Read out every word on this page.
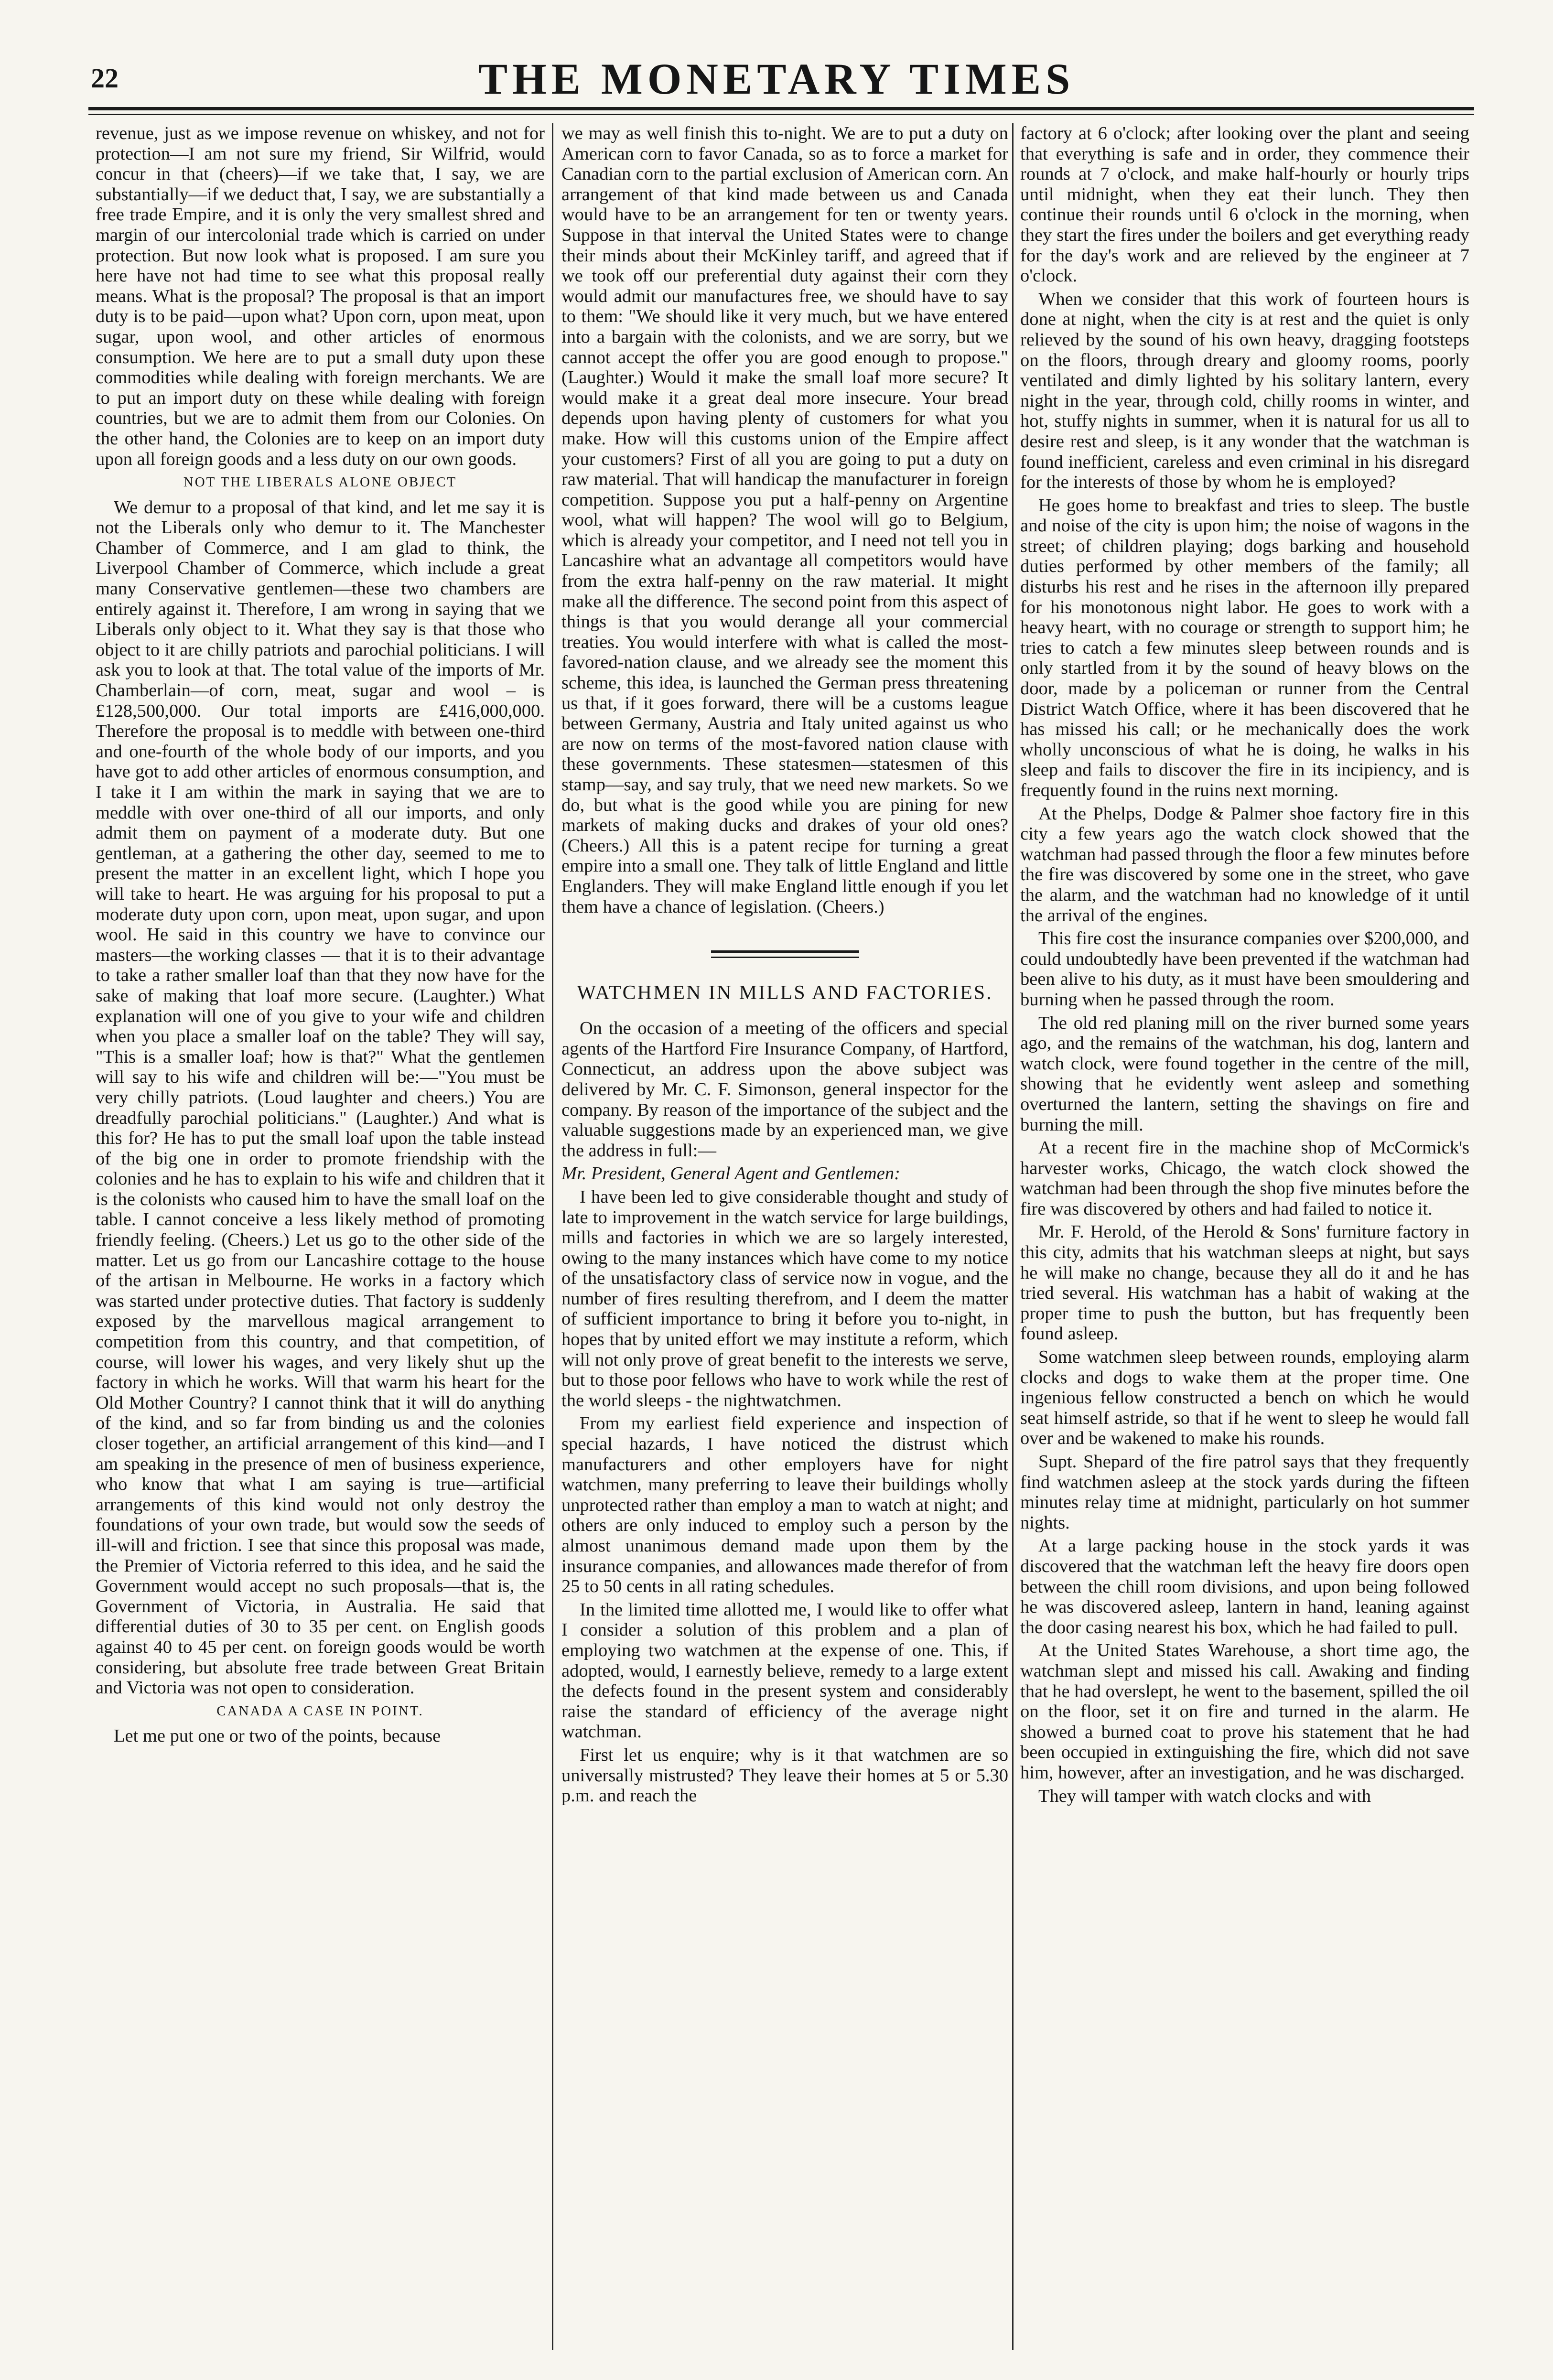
22	THE MONETARY TIMES

revenue, just as we impose revenue on whiskey, and not for protection—I am not sure my friend, Sir Wilfrid, would concur in that (cheers)—if we take that, I say, we are substantially—if we deduct that, I say, we are substantially a free trade Empire, and it is only the very smallest shred and margin of our intercolonial trade which is carried on under protection. But now look what is proposed. I am sure you here have not had time to see what this proposal really means. What is the proposal? The proposal is that an import duty is to be paid—upon what? Upon corn, upon meat, upon sugar, upon wool, and other articles of enormous consumption. We here are to put a small duty upon these commodities while dealing with foreign merchants. We are to put an import duty on these while dealing with foreign countries, but we are to admit them from our Colonies. On the other hand, the Colonies are to keep on an import duty upon all foreign goods and a less duty on our own goods.

NOT THE LIBERALS ALONE OBJECT

We demur to a proposal of that kind, and let me say it is not the Liberals only who demur to it. The Manchester Chamber of Commerce, and I am glad to think, the Liverpool Chamber of Commerce, which include a great many Conservative gentlemen—these two chambers are entirely against it. Therefore, I am wrong in saying that we Liberals only object to it. What they say is that those who object to it are chilly patriots and parochial politicians. I will ask you to look at that. The total value of the imports of Mr. Chamberlain—of corn, meat, sugar and wool – is £128,500,000. Our total imports are £416,000,000. Therefore the proposal is to meddle with between one-third and one-fourth of the whole body of our imports, and you have got to add other articles of enormous consumption, and I take it I am within the mark in saying that we are to meddle with over one-third of all our imports, and only admit them on payment of a moderate duty. But one gentleman, at a gathering the other day, seemed to me to present the matter in an excellent light, which I hope you will take to heart. He was arguing for his proposal to put a moderate duty upon corn, upon meat, upon sugar, and upon wool. He said in this country we have to convince our masters—the working classes — that it is to their advantage to take a rather smaller loaf than that they now have for the sake of making that loaf more secure. (Laughter.) What explanation will one of you give to your wife and children when you place a smaller loaf on the table? They will say, "This is a smaller loaf; how is that?" What the gentlemen will say to his wife and children will be:—"You must be very chilly patriots. (Loud laughter and cheers.) You are dreadfully parochial politicians." (Laughter.) And what is this for? He has to put the small loaf upon the table instead of the big one in order to promote friendship with the colonies and he has to explain to his wife and children that it is the colonists who caused him to have the small loaf on the table. I cannot conceive a less likely method of promoting friendly feeling. (Cheers.) Let us go to the other side of the matter. Let us go from our Lancashire cottage to the house of the artisan in Melbourne. He works in a factory which was started under protective duties. That factory is suddenly exposed by the marvellous magical arrangement to competition from this country, and that competition, of course, will lower his wages, and very likely shut up the factory in which he works. Will that warm his heart for the Old Mother Country? I cannot think that it will do anything of the kind, and so far from binding us and the colonies closer together, an artificial arrangement of this kind—and I am speaking in the presence of men of business experience, who know that what I am saying is true—artificial arrangements of this kind would not only destroy the foundations of your own trade, but would sow the seeds of ill-will and friction. I see that since this proposal was made, the Premier of Victoria referred to this idea, and he said the Government would accept no such proposals—that is, the Government of Victoria, in Australia. He said that differential duties of 30 to 35 per cent. on English goods against 40 to 45 per cent. on foreign goods would be worth considering, but absolute free trade between Great Britain and Victoria was not open to consideration.

CANADA A CASE IN POINT.

Let me put one or two of the points, because

we may as well finish this to-night. We are to put a duty on American corn to favor Canada, so as to force a market for Canadian corn to the partial exclusion of American corn. An arrangement of that kind made between us and Canada would have to be an arrangement for ten or twenty years. Suppose in that interval the United States were to change their minds about their McKinley tariff, and agreed that if we took off our preferential duty against their corn they would admit our manufactures free, we should have to say to them: "We should like it very much, but we have entered into a bargain with the colonists, and we are sorry, but we cannot accept the offer you are good enough to propose." (Laughter.) Would it make the small loaf more secure? It would make it a great deal more insecure. Your bread depends upon having plenty of customers for what you make. How will this customs union of the Empire affect your customers? First of all you are going to put a duty on raw material. That will handicap the manufacturer in foreign competition. Suppose you put a half-penny on Argentine wool, what will happen? The wool will go to Belgium, which is already your competitor, and I need not tell you in Lancashire what an advantage all competitors would have from the extra half-penny on the raw material. It might make all the difference. The second point from this aspect of things is that you would derange all your commercial treaties. You would interfere with what is called the most-favored-nation clause, and we already see the moment this scheme, this idea, is launched the German press threatening us that, if it goes forward, there will be a customs league between Germany, Austria and Italy united against us who are now on terms of the most-favored nation clause with these governments. These statesmen—statesmen of this stamp—say, and say truly, that we need new markets. So we do, but what is the good while you are pining for new markets of making ducks and drakes of your old ones? (Cheers.) All this is a patent recipe for turning a great empire into a small one. They talk of little England and little Englanders. They will make England little enough if you let them have a chance of legislation. (Cheers.)

WATCHMEN IN MILLS AND FACTORIES.

On the occasion of a meeting of the officers and special agents of the Hartford Fire Insurance Company, of Hartford, Connecticut, an address upon the above subject was delivered by Mr. C. F. Simonson, general inspector for the company. By reason of the importance of the subject and the valuable suggestions made by an experienced man, we give the address in full:—

Mr. President, General Agent and Gentlemen:

I have been led to give considerable thought and study of late to improvement in the watch service for large buildings, mills and factories in which we are so largely interested, owing to the many instances which have come to my notice of the unsatisfactory class of service now in vogue, and the number of fires resulting therefrom, and I deem the matter of sufficient importance to bring it before you to-night, in hopes that by united effort we may institute a reform, which will not only prove of great benefit to the interests we serve, but to those poor fellows who have to work while the rest of the world sleeps - the nightwatchmen.

From my earliest field experience and inspection of special hazards, I have noticed the distrust which manufacturers and other employers have for night watchmen, many preferring to leave their buildings wholly unprotected rather than employ a man to watch at night; and others are only induced to employ such a person by the almost unanimous demand made upon them by the insurance companies, and allowances made therefor of from 25 to 50 cents in all rating schedules.

In the limited time allotted me, I would like to offer what I consider a solution of this problem and a plan of employing two watchmen at the expense of one. This, if adopted, would, I earnestly believe, remedy to a large extent the defects found in the present system and considerably raise the standard of efficiency of the average night watchman.

First let us enquire; why is it that watchmen are so universally mistrusted? They leave their homes at 5 or 5.30 p.m. and reach the

factory at 6 o'clock; after looking over the plant and seeing that everything is safe and in order, they commence their rounds at 7 o'clock, and make half-hourly or hourly trips until midnight, when they eat their lunch. They then continue their rounds until 6 o'clock in the morning, when they start the fires under the boilers and get everything ready for the day's work and are relieved by the engineer at 7 o'clock.

When we consider that this work of fourteen hours is done at night, when the city is at rest and the quiet is only relieved by the sound of his own heavy, dragging footsteps on the floors, through dreary and gloomy rooms, poorly ventilated and dimly lighted by his solitary lantern, every night in the year, through cold, chilly rooms in winter, and hot, stuffy nights in summer, when it is natural for us all to desire rest and sleep, is it any wonder that the watchman is found inefficient, careless and even criminal in his disregard for the interests of those by whom he is employed?

He goes home to breakfast and tries to sleep. The bustle and noise of the city is upon him; the noise of wagons in the street; of children playing; dogs barking and household duties performed by other members of the family; all disturbs his rest and he rises in the afternoon illy prepared for his monotonous night labor. He goes to work with a heavy heart, with no courage or strength to support him; he tries to catch a few minutes sleep between rounds and is only startled from it by the sound of heavy blows on the door, made by a policeman or runner from the Central District Watch Office, where it has been discovered that he has missed his call; or he mechanically does the work wholly unconscious of what he is doing, he walks in his sleep and fails to discover the fire in its incipiency, and is frequently found in the ruins next morning.

At the Phelps, Dodge & Palmer shoe factory fire in this city a few years ago the watch clock showed that the watchman had passed through the floor a few minutes before the fire was discovered by some one in the street, who gave the alarm, and the watchman had no knowledge of it until the arrival of the engines.

This fire cost the insurance companies over $200,000, and could undoubtedly have been prevented if the watchman had been alive to his duty, as it must have been smouldering and burning when he passed through the room.

The old red planing mill on the river burned some years ago, and the remains of the watchman, his dog, lantern and watch clock, were found together in the centre of the mill, showing that he evidently went asleep and something overturned the lantern, setting the shavings on fire and burning the mill.

At a recent fire in the machine shop of McCormick's harvester works, Chicago, the watch clock showed the watchman had been through the shop five minutes before the fire was discovered by others and had failed to notice it.

Mr. F. Herold, of the Herold & Sons' furniture factory in this city, admits that his watchman sleeps at night, but says he will make no change, because they all do it and he has tried several. His watchman has a habit of waking at the proper time to push the button, but has frequently been found asleep.

Some watchmen sleep between rounds, employing alarm clocks and dogs to wake them at the proper time. One ingenious fellow constructed a bench on which he would seat himself astride, so that if he went to sleep he would fall over and be wakened to make his rounds.

Supt. Shepard of the fire patrol says that they frequently find watchmen asleep at the stock yards during the fifteen minutes relay time at midnight, particularly on hot summer nights.

At a large packing house in the stock yards it was discovered that the watchman left the heavy fire doors open between the chill room divisions, and upon being followed he was discovered asleep, lantern in hand, leaning against the door casing nearest his box, which he had failed to pull.

At the United States Warehouse, a short time ago, the watchman slept and missed his call. Awaking and finding that he had overslept, he went to the basement, spilled the oil on the floor, set it on fire and turned in the alarm. He showed a burned coat to prove his statement that he had been occupied in extinguishing the fire, which did not save him, however, after an investigation, and he was discharged.

They will tamper with watch clocks and with
